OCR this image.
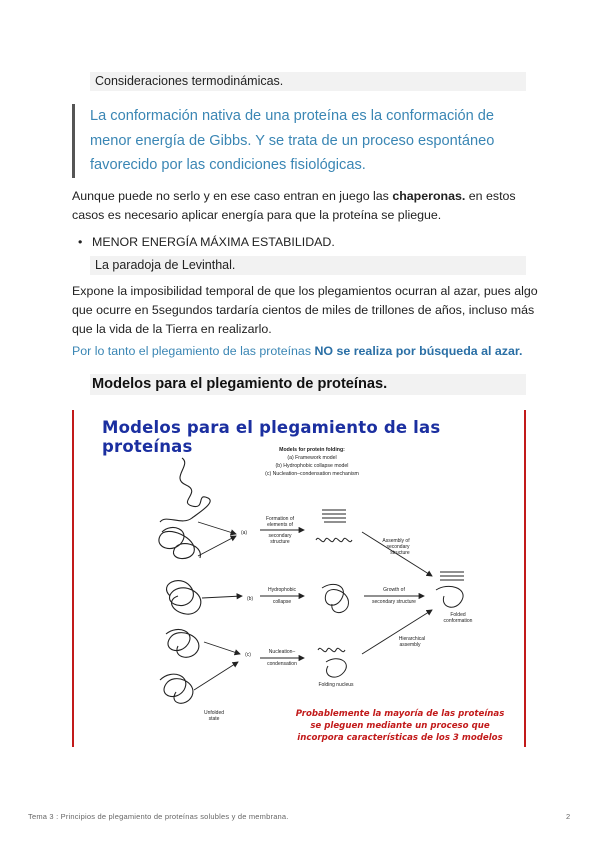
Consideraciones termodinámicas.
La conformación nativa de una proteína es la conformación de menor energía de Gibbs. Y se trata de un proceso espontáneo favorecido por las condiciones fisiológicas.
Aunque puede no serlo y en ese caso entran en juego las chaperonas. en estos casos es necesario aplicar energía para que la proteína se pliegue.
• MENOR ENERGÍA MÁXIMA ESTABILIDAD.
La paradoja de Levinthal.
Expone la imposibilidad temporal de que los plegamientos ocurran al azar, pues algo que ocurre en 5segundos tardaría cientos de miles de trillones de años, incluso más que la vida de la Tierra en realizarlo.
Por lo tanto el plegamiento de las proteínas NO se realiza por búsqueda al azar.
Modelos para el plegamiento de proteínas.
Modelos para el plegamiento de las proteínas	Models for protein folding:
(a) Framework model
(b) Hydrophobic collapse model
(c) Nucleation–condensation mechanism
(a)
(b)
(c)
Formation of
elements of
secondary
structure
Hydrophobic
collapse
Nucleation–
condensation
Assembly of
secondary
structure
Growth of
secondary structure
Hierarchical
assembly
Folded
conformation
Folding nucleus
Unfolded
state	Probablemente la mayoría de las proteínas
se pleguen mediante un proceso que
incorpora características de los 3 modelos
Tema 3 : Principios de plegamiento de proteínas solubles y de membrana.	2
